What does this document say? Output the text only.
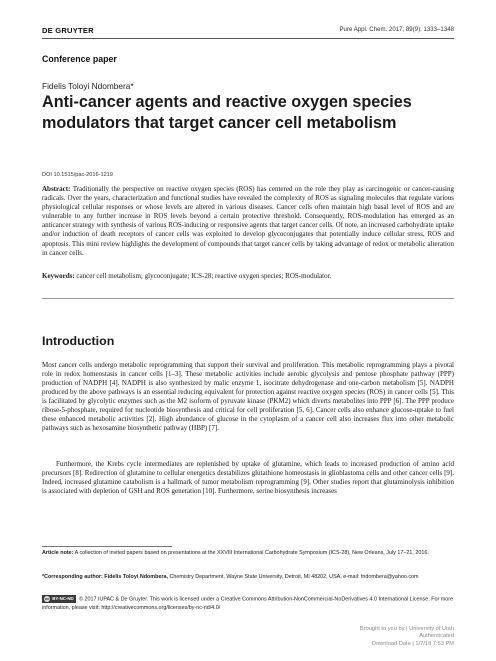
DE GRUYTER	Pure Appl. Chem. 2017; 89(9): 1333–1348
Conference paper
Fidelis Toloyi Ndombera*
Anti-cancer agents and reactive oxygen species modulators that target cancer cell metabolism
DOI 10.1515/pac-2016-1219

Abstract: Traditionally the perspective on reactive oxygen species (ROS) has centered on the role they play as carcinogenic or cancer-causing radicals. Over the years, characterization and functional studies have revealed the complexity of ROS as signaling molecules that regulate various physiological cellular responses or whose levels are altered in various diseases. Cancer cells often maintain high basal level of ROS and are vulnerable to any further increase in ROS levels beyond a certain protective threshold. Consequently, ROS-modulation has emerged as an anticancer strategy with synthesis of various ROS-inducing or responsive agents that target cancer cells. Of note, an increased carbohydrate uptake and/or induction of death receptors of cancer cells was exploited to develop glycoconjugates that potentially induce cellular stress, ROS and apoptosis. This mini review highlights the development of compounds that target cancer cells by taking advantage of redox or metabolic alteration in cancer cells.

Keywords: cancer cell metabolism; glycoconjugate; ICS-28; reactive oxygen species; ROS-modulator.

Introduction

Most cancer cells undergo metabolic reprogramming that support their survival and proliferation. This metabolic reprogramming plays a pivotal role in redox homeostasis in cancer cells [1–3]. These metabolic activities include aerobic glycolysis and pentose phosphate pathway (PPP) production of NADPH [4]. NADPH is also synthesized by malic enzyme 1, isocitrate dehydrogenase and one-carbon metabolism [5]. NADPH produced by the above pathways is an essential reducing equivalent for protection against reactive oxygen species (ROS) in cancer cells [5]. This is facilitated by glycolytic enzymes such as the M2 isoform of pyruvate kinase (PKM2) which diverts metabolites into PPP [6]. The PPP produce ribose-5-phosphate, required for nucleotide biosynthesis and critical for cell proliferation [5, 6]. Cancer cells also enhance glucose-uptake to fuel these enhanced metabolic activities [2]. High abundance of glucose in the cytoplasm of a cancer cell also increases flux into other metabolic pathways such as hexosamine biosynthetic pathway (HBP) [7].

Furthermore, the Krebs cycle intermediates are replenished by uptake of glutamine, which leads to increased production of amino acid precursors [8]. Redirection of glutamine to cellular energetics destabilizes glutathione homeostasis in glioblastoma cells and other cancer cells [9]. Indeed, increased glutamine catabolism is a hallmark of tumor metabolism reprogramming [9]. Other studies report that glutaminolysis inhibition is associated with depletion of GSH and ROS generation [10]. Furthermore, serine biosynthesis increases

Article note: A collection of invited papers based on presentations at the XXVIII International Carbohydrate Symposium (ICS-28), New Orleans, July 17–21, 2016.

*Corresponding author: Fidelis Toloyi Ndombera, Chemistry Department, Wayne State University, Detroit, MI 48202, USA, e-mail: fndombera@yahoo.com

cc BY-NC-ND © 2017 IUPAC & De Gruyter. This work is licensed under a Creative Commons Attribution-NonCommercial-NoDerivatives 4.0 International License. For more information, please visit: http://creativecommons.org/licenses/by-nc-nd/4.0/

Brought to you by | University of Utah
Authenticated
Download Date | 1/7/18 7:53 PM
